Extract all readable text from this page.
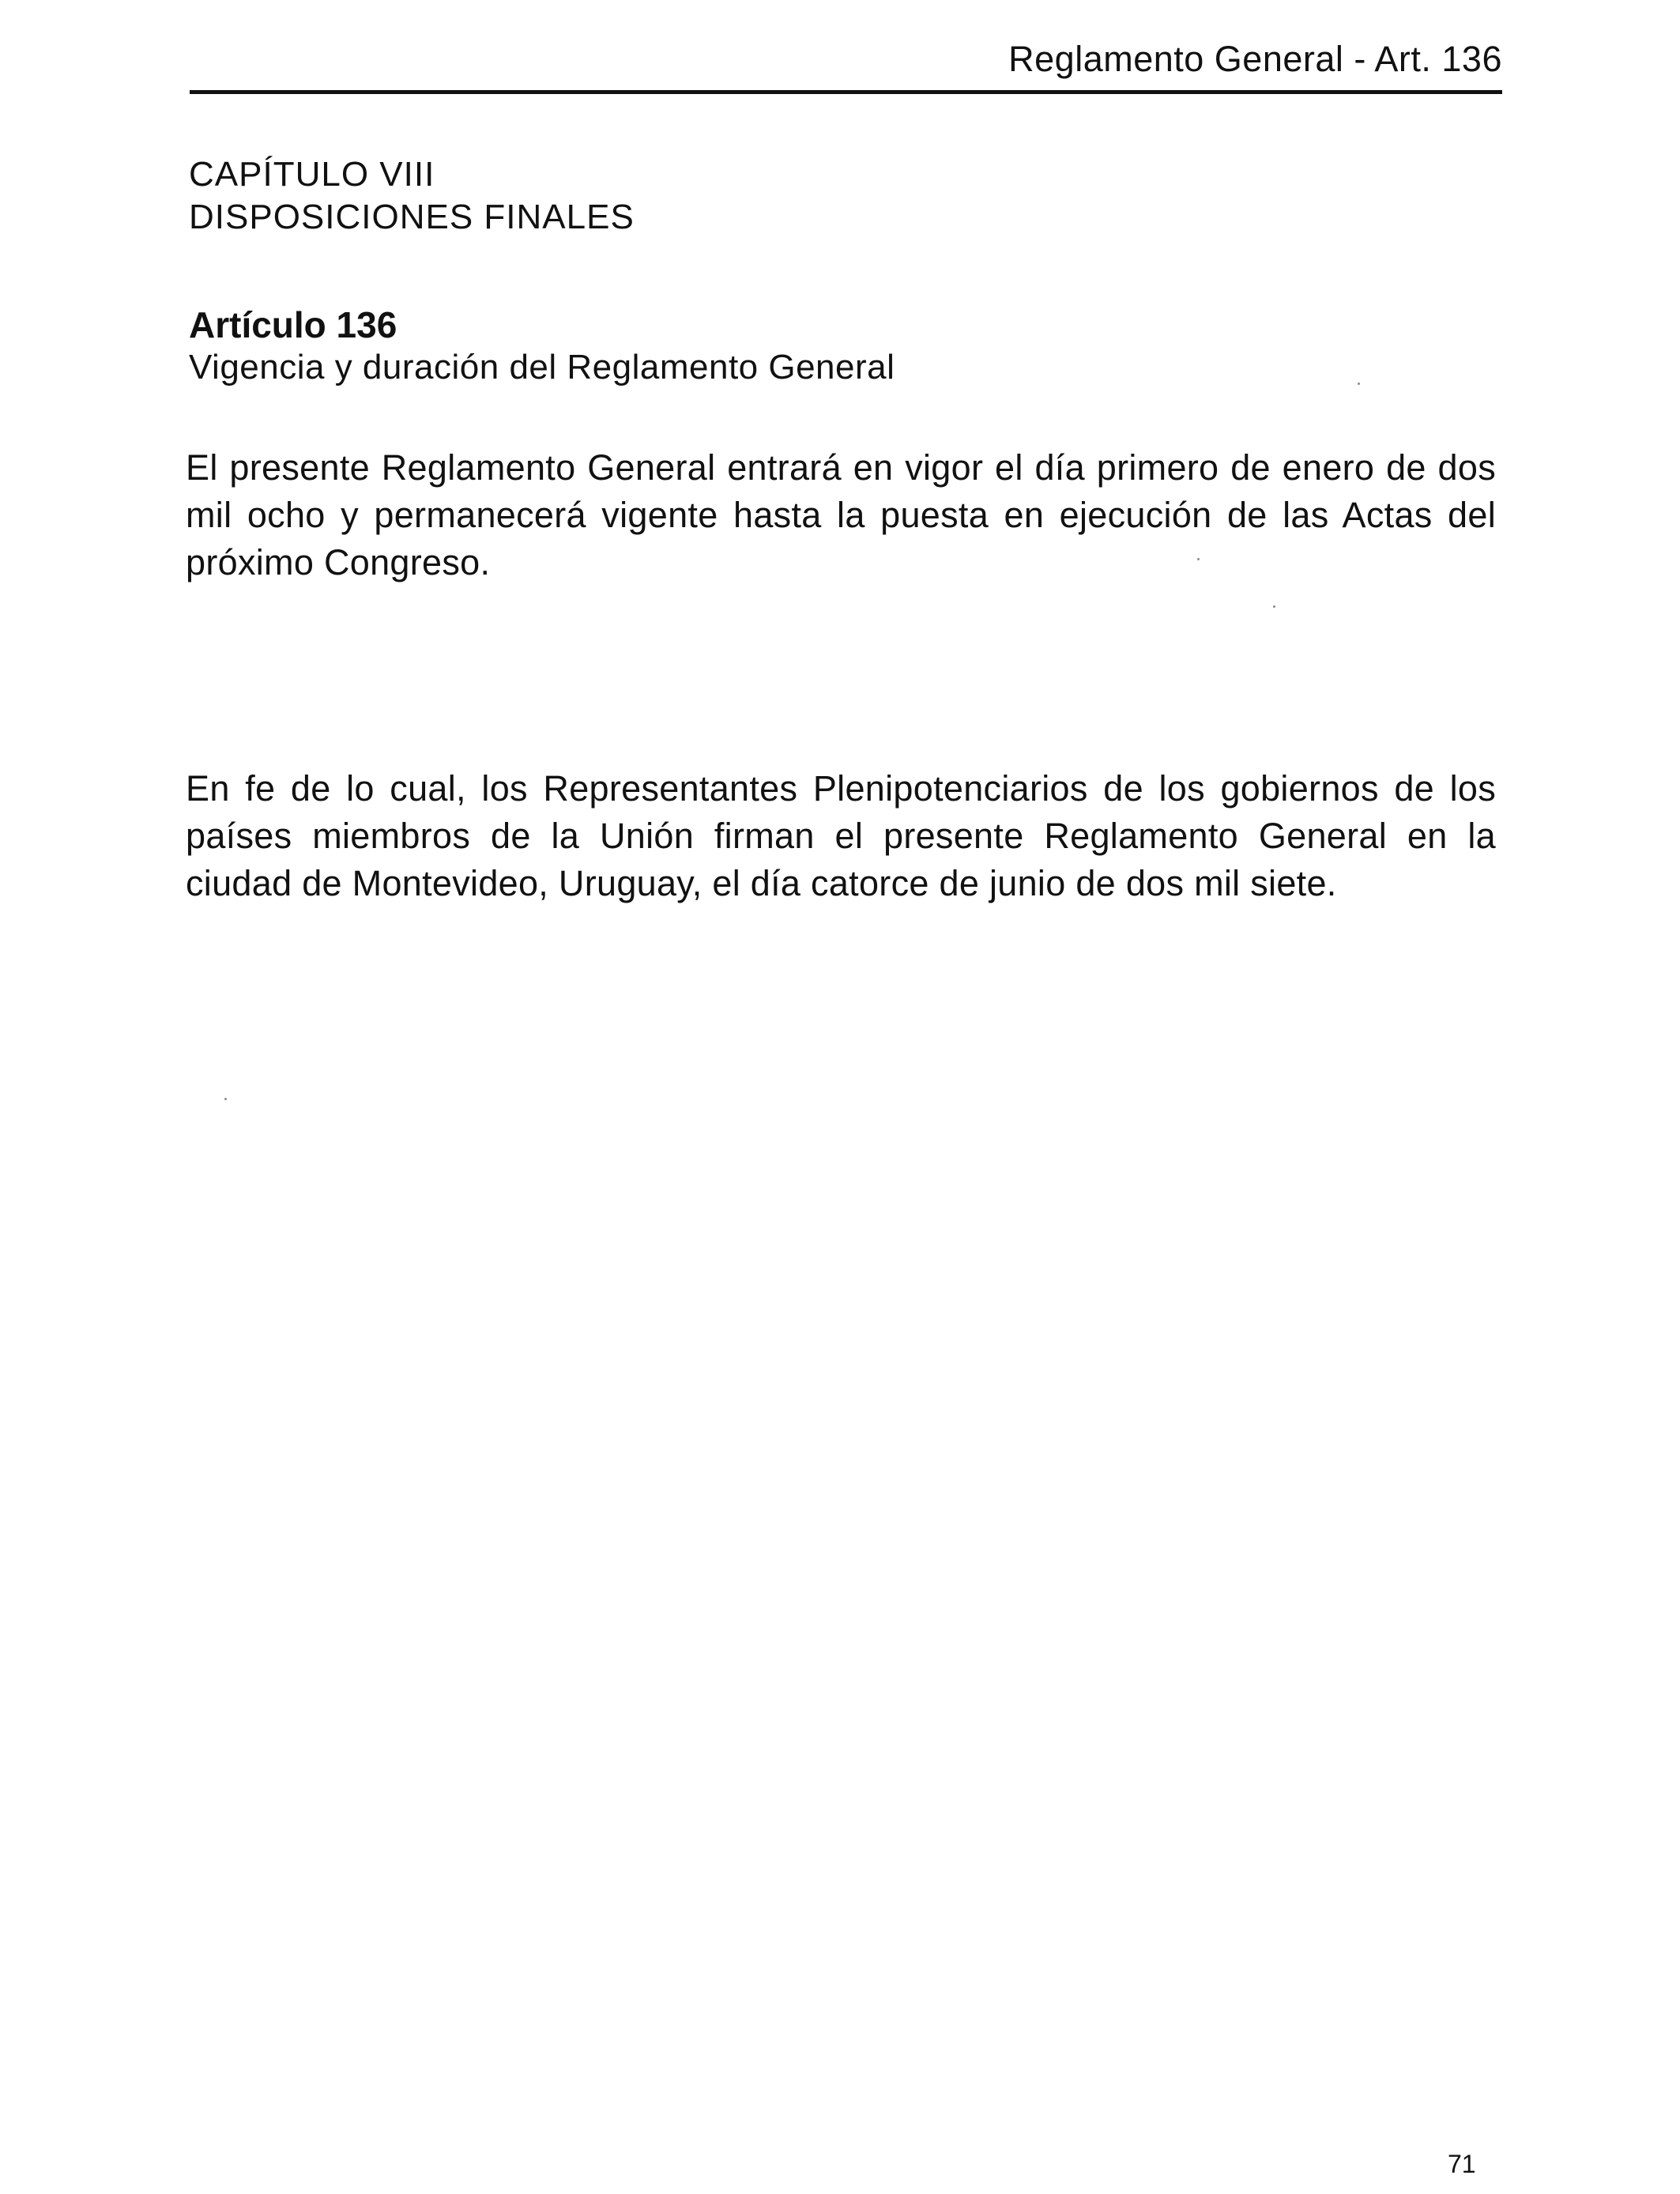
Reglamento General - Art. 136
CAPÍTULO VIII
DISPOSICIONES FINALES
Artículo 136
Vigencia y duración del Reglamento General
El presente Reglamento General entrará en vigor el día primero de enero de dos mil ocho y permanecerá vigente hasta la puesta en ejecución de las Actas del próximo Congreso.
En fe de lo cual, los Representantes Plenipotenciarios de los gobiernos de los países miembros de la Unión firman el presente Reglamento General en la ciudad de Montevideo, Uruguay, el día catorce de junio de dos mil siete.
71
